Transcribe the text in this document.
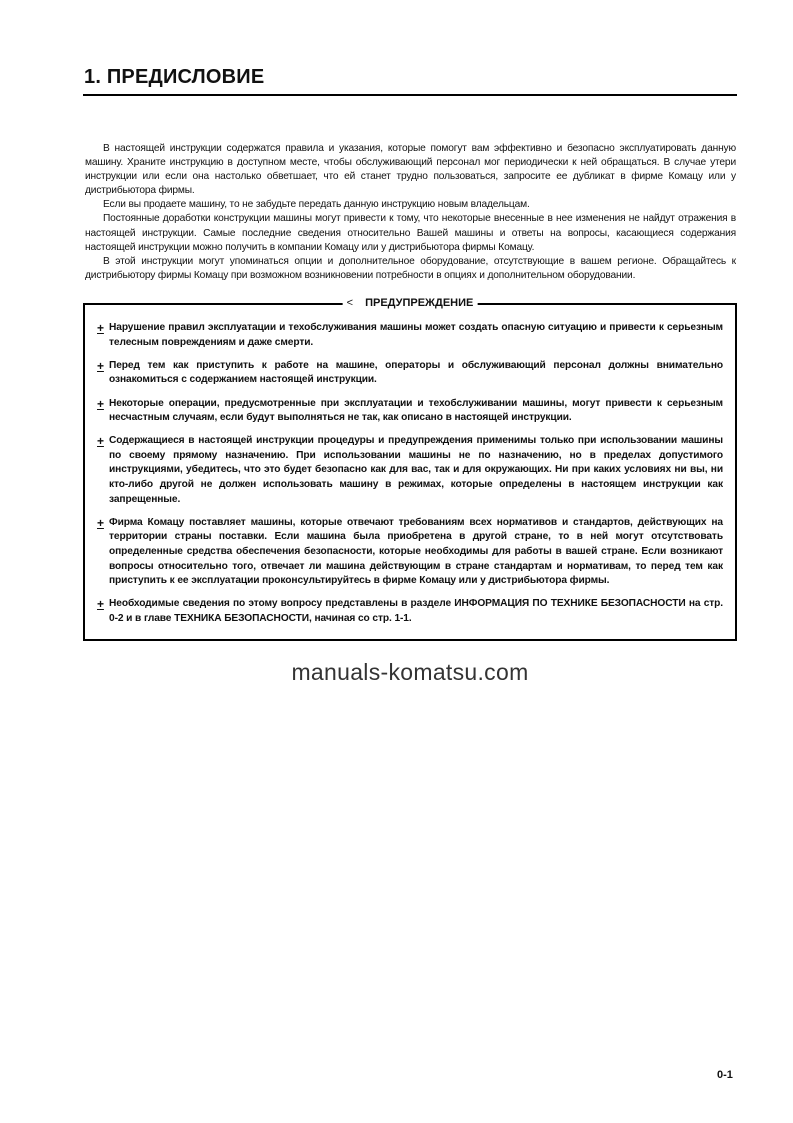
1. ПРЕДИСЛОВИЕ

В настоящей инструкции содержатся правила и указания, которые помогут вам эффективно и безопасно эксплуатировать данную машину. Храните инструкцию в доступном месте, чтобы обслуживающий персонал мог периодически к ней обращаться. В случае утери инструкции или если она настолько обветшает, что ей станет трудно пользоваться, запросите ее дубликат в фирме Комацу или у дистрибьютора фирмы.

Если вы продаете машину, то не забудьте передать данную инструкцию новым владельцам.

Постоянные доработки конструкции машины могут привести к тому, что некоторые внесенные в нее изменения не найдут отражения в настоящей инструкции. Самые последние сведения относительно Вашей машины и ответы на вопросы, касающиеся содержания настоящей инструкции можно получить в компании Комацу или у дистрибьютора фирмы Комацу.

В этой инструкции могут упоминаться опции и дополнительное оборудование, отсутствующие в вашем регионе. Обращайтесь к дистрибьютору фирмы Комацу при возможном возникновении потребности в опциях и дополнительном оборудовании.

< ПРЕДУПРЕЖДЕНИЕ
+ Нарушение правил эксплуатации и техобслуживания машины может создать опасную ситуацию и привести к серьезным телесным повреждениям и даже смерти.
+ Перед тем как приступить к работе на машине, операторы и обслуживающий персонал должны внимательно ознакомиться с содержанием настоящей инструкции.
+ Некоторые операции, предусмотренные при эксплуатации и техобслуживании машины, могут привести к серьезным несчастным случаям, если будут выполняться не так, как описано в настоящей инструкции.
+ Содержащиеся в настоящей инструкции процедуры и предупреждения применимы только при использовании машины по своему прямому назначению. При использовании машины не по назначению, но в пределах допустимого инструкциями, убедитесь, что это будет безопасно как для вас, так и для окружающих. Ни при каких условиях ни вы, ни кто-либо другой не должен использовать машину в режимах, которые определены в настоящем инструкции как запрещенные.
+ Фирма Комацу поставляет машины, которые отвечают требованиям всех нормативов и стандартов, действующих на территории страны поставки. Если машина была приобретена в другой стране, то в ней могут отсутствовать определенные средства обеспечения безопасности, которые необходимы для работы в вашей стране. Если возникают вопросы относительно того, отвечает ли машина действующим в стране стандартам и нормативам, то перед тем как приступить к ее эксплуатации проконсультируйтесь в фирме Комацу или у дистрибьютора фирмы.
+ Необходимые сведения по этому вопросу представлены в разделе ИНФОРМАЦИЯ ПО ТЕХНИКЕ БЕЗОПАСНОСТИ на стр. 0-2 и в главе ТЕХНИКА БЕЗОПАСНОСТИ, начиная со стр. 1-1.
manuals-komatsu.com
0-1
